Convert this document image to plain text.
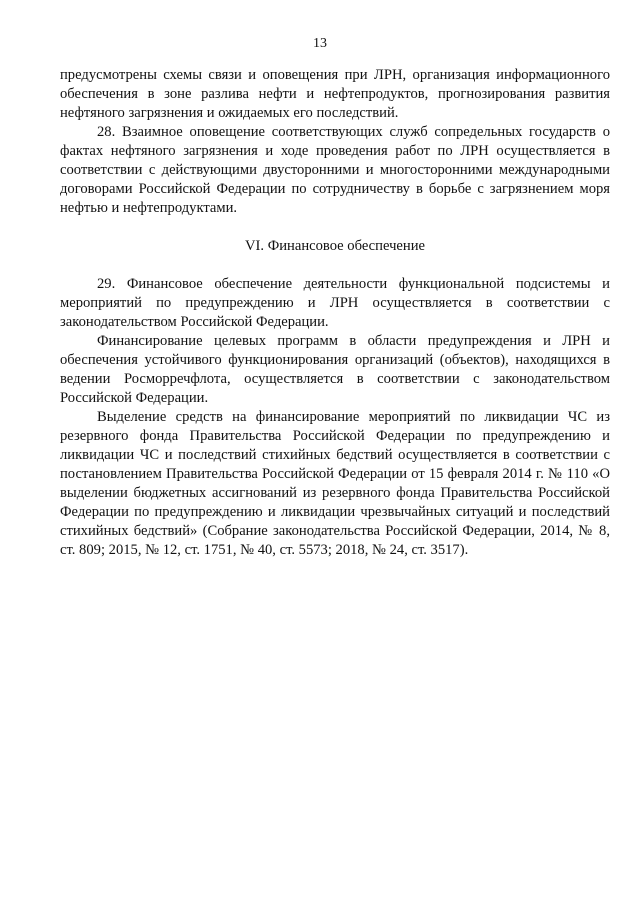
13

предусмотрены схемы связи и оповещения при ЛРН, организация информационного обеспечения в зоне разлива нефти и нефтепродуктов, прогнозирования развития нефтяного загрязнения и ожидаемых его последствий.

28. Взаимное оповещение соответствующих служб сопредельных государств о фактах нефтяного загрязнения и ходе проведения работ по ЛРН осуществляется в соответствии с действующими двусторонними и многосторонними международными договорами Российской Федерации по сотрудничеству в борьбе с загрязнением моря нефтью и нефтепродуктами.

VI. Финансовое обеспечение

29. Финансовое обеспечение деятельности функциональной подсистемы и мероприятий по предупреждению и ЛРН осуществляется в соответствии с законодательством Российской Федерации.

Финансирование целевых программ в области предупреждения и ЛРН и обеспечения устойчивого функционирования организаций (объектов), находящихся в ведении Росморречфлота, осуществляется в соответствии с законодательством Российской Федерации.

Выделение средств на финансирование мероприятий по ликвидации ЧС из резервного фонда Правительства Российской Федерации по предупреждению и ликвидации ЧС и последствий стихийных бедствий осуществляется в соответствии с постановлением Правительства Российской Федерации от 15 февраля 2014 г. № 110 «О выделении бюджетных ассигнований из резервного фонда Правительства Российской Федерации по предупреждению и ликвидации чрезвычайных ситуаций и последствий стихийных бедствий» (Собрание законодательства Российской Федерации, 2014, № 8, ст. 809; 2015, № 12, ст. 1751, № 40, ст. 5573; 2018, № 24, ст. 3517).
